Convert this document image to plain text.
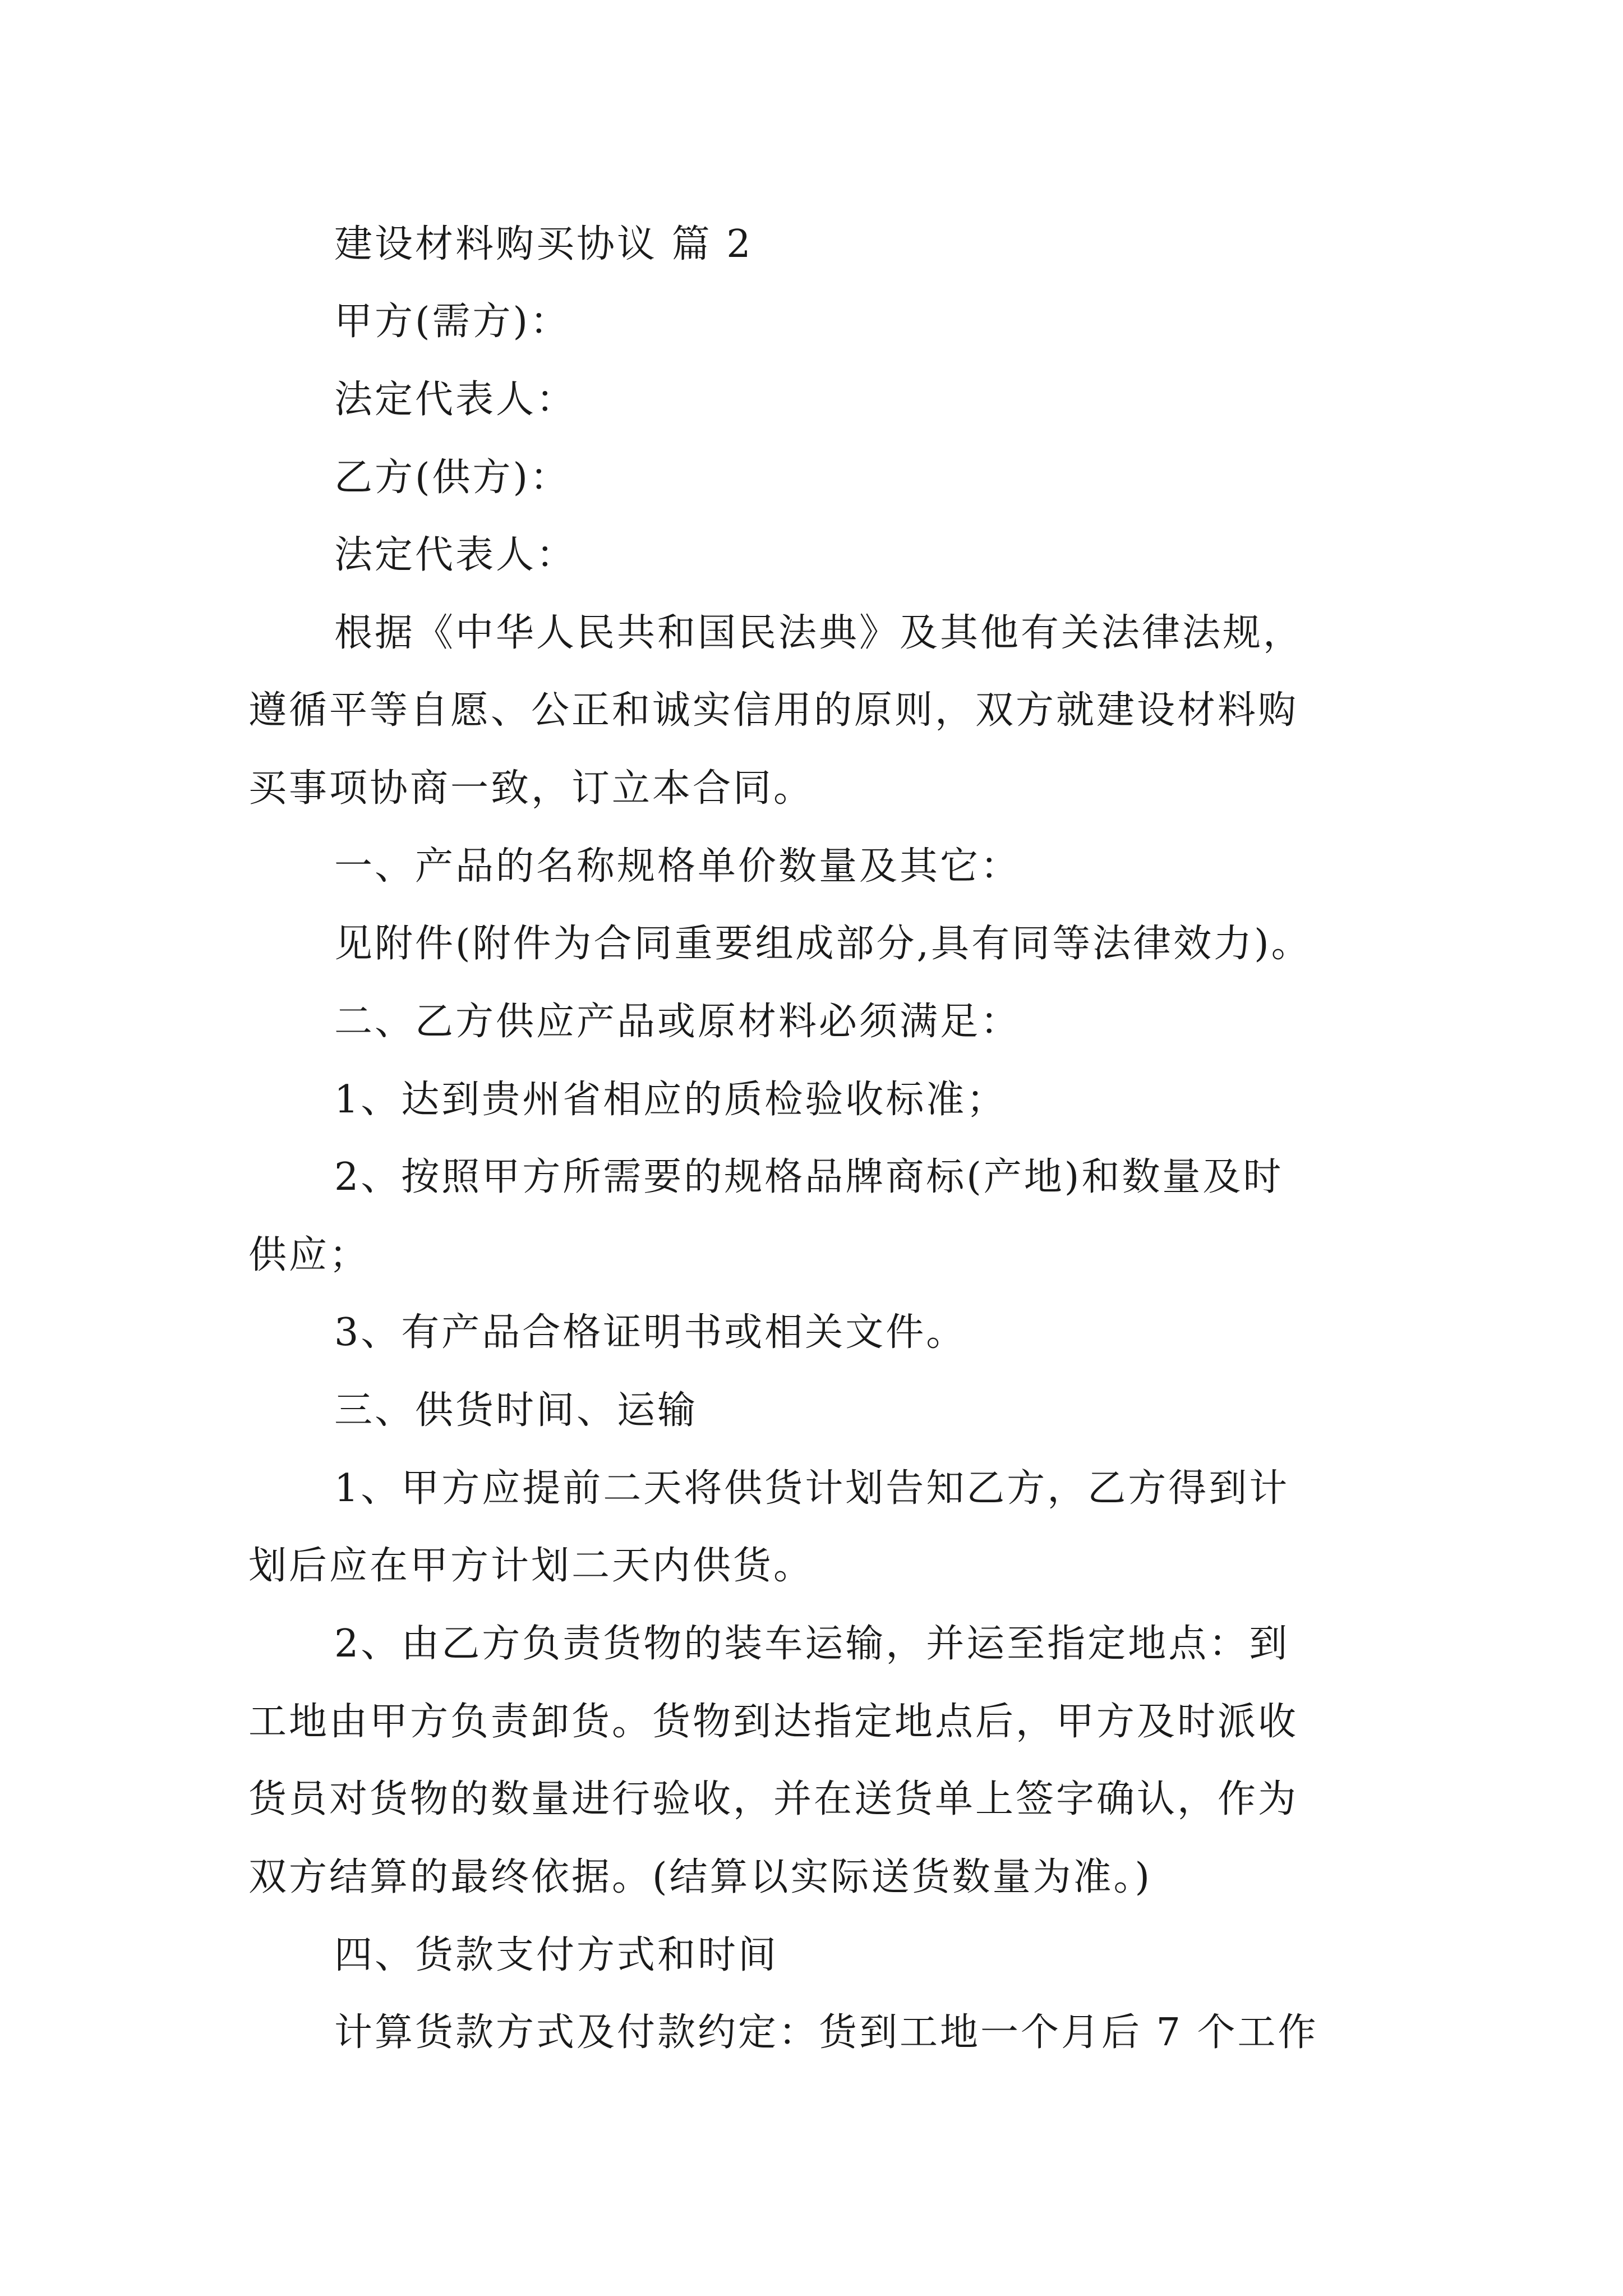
建设材料购买协议 篇 2

甲方(需方)：

法定代表人：

乙方(供方)：

法定代表人：

根据《中华人民共和国民法典》及其他有关法律法规，

遵循平等自愿、公正和诚实信用的原则，双方就建设材料购

买事项协商一致，订立本合同。

一、产品的名称规格单价数量及其它：

见附件(附件为合同重要组成部分,具有同等法律效力)。

二、乙方供应产品或原材料必须满足：

1、达到贵州省相应的质检验收标准；

2、按照甲方所需要的规格品牌商标(产地)和数量及时

供应；

3、有产品合格证明书或相关文件。

三、供货时间、运输

1、甲方应提前二天将供货计划告知乙方，乙方得到计

划后应在甲方计划二天内供货。

2、由乙方负责货物的装车运输，并运至指定地点：到

工地由甲方负责卸货。货物到达指定地点后，甲方及时派收

货员对货物的数量进行验收，并在送货单上签字确认，作为

双方结算的最终依据。(结算以实际送货数量为准。)

四、货款支付方式和时间

计算货款方式及付款约定：货到工地一个月后 7 个工作
